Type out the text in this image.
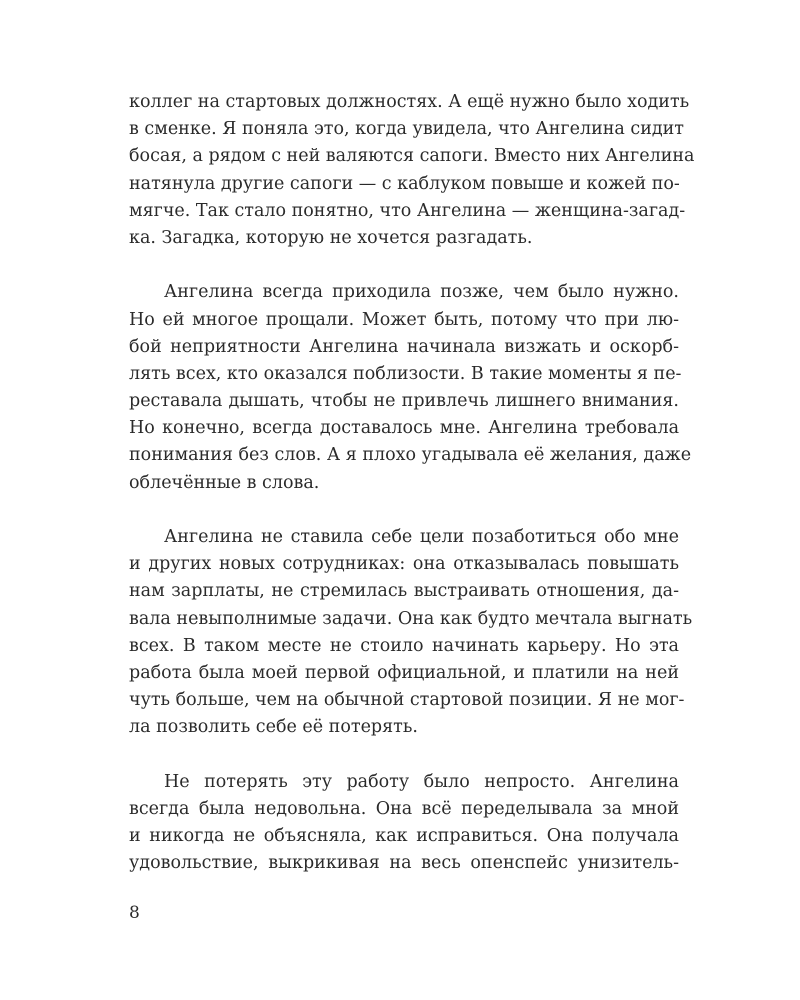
коллег на стартовых должностях. А ещё нужно было ходить
в сменке. Я поняла это, когда увидела, что Ангелина сидит
босая, а рядом с ней валяются сапоги. Вместо них Ангелина
натянула другие сапоги — с каблуком повыше и кожей по-
мягче. Так стало понятно, что Ангелина — женщина-загад-
ка. Загадка, которую не хочется разгадать.

Ангелина всегда приходила позже, чем было нужно.
Но ей многое прощали. Может быть, потому что при лю-
бой неприятности Ангелина начинала визжать и оскорб-
лять всех, кто оказался поблизости. В такие моменты я пе-
реставала дышать, чтобы не привлечь лишнего внимания.
Но конечно, всегда доставалось мне. Ангелина требовала
понимания без слов. А я плохо угадывала её желания, даже
облечённые в слова.

Ангелина не ставила себе цели позаботиться обо мне
и других новых сотрудниках: она отказывалась повышать
нам зарплаты, не стремилась выстраивать отношения, да-
вала невыполнимые задачи. Она как будто мечтала выгнать
всех. В таком месте не стоило начинать карьеру. Но эта
работа была моей первой официальной, и платили на ней
чуть больше, чем на обычной стартовой позиции. Я не мог-
ла позволить себе её потерять.

Не потерять эту работу было непросто. Ангелина
всегда была недовольна. Она всё переделывала за мной
и никогда не объясняла, как исправиться. Она получала
удовольствие, выкрикивая на весь опенспейс унизитель-

8
